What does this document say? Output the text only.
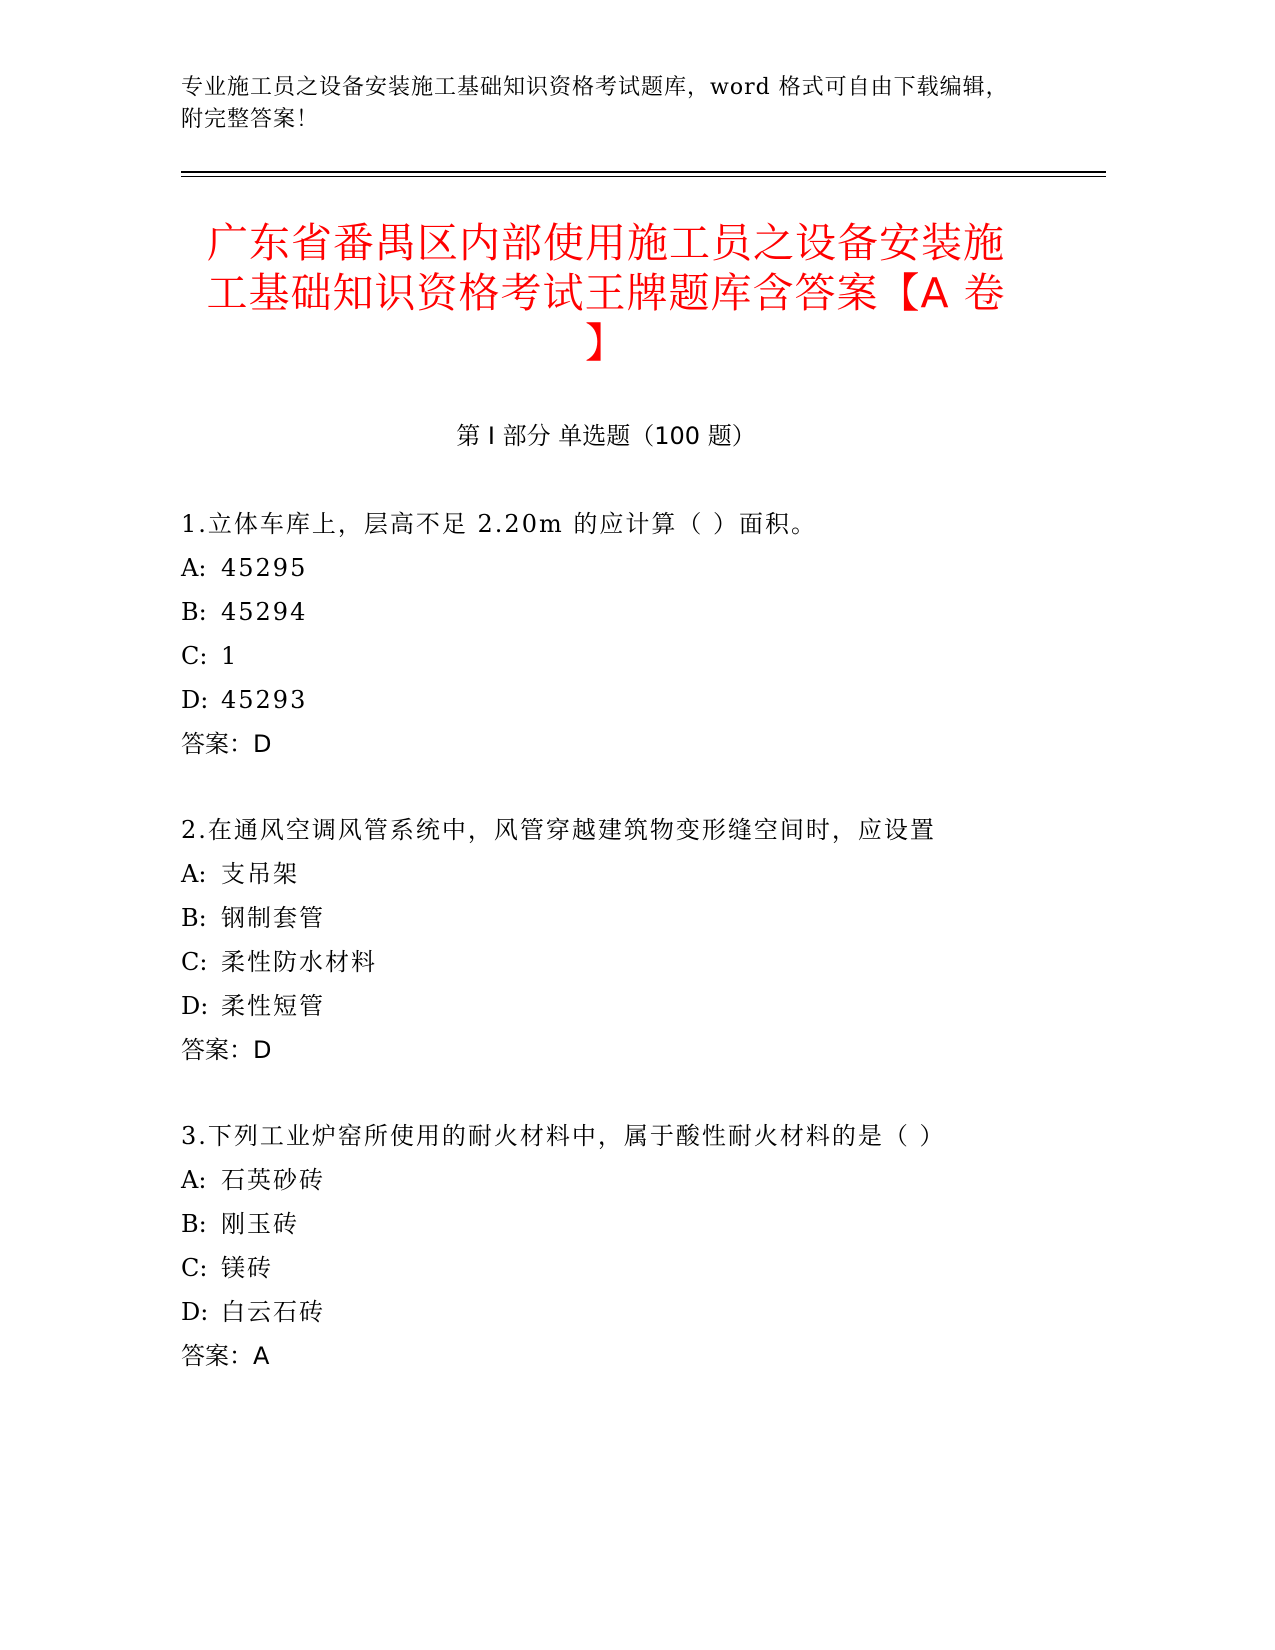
专业施工员之设备安装施工基础知识资格考试题库，word 格式可自由下载编辑，
附完整答案！
广东省番禺区内部使用施工员之设备安装施
工基础知识资格考试王牌题库含答案【A 卷
】
第 I 部分 单选题（100 题）
1.立体车库上，层高不足 2.20m 的应计算（ ）面积。
A: 45295
B: 45294
C: 1
D: 45293
答案：D
2.在通风空调风管系统中，风管穿越建筑物变形缝空间时，应设置
A: 支吊架
B: 钢制套管
C: 柔性防水材料
D: 柔性短管
答案：D
3.下列工业炉窑所使用的耐火材料中，属于酸性耐火材料的是（ ）
A: 石英砂砖
B: 刚玉砖
C: 镁砖
D: 白云石砖
答案：A
